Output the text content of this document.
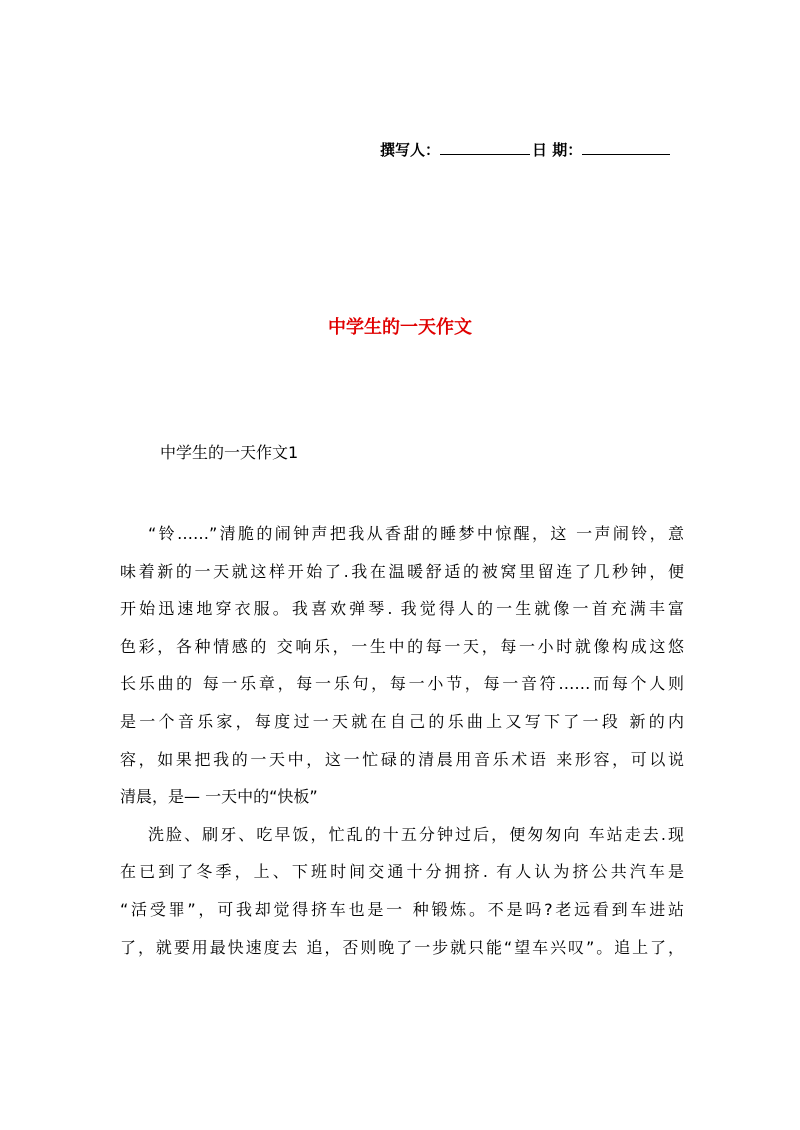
撰写人：	日 期：
中学生的一天作文
中学生的一天作文1
“铃……”清脆的闹钟声把我从香甜的睡梦中惊醒，这 一声闹铃，意
味着新的一天就这样开始了.我在温暖舒适的被窝里留连了几秒钟，便
开始迅速地穿衣服。我喜欢弹琴. 我觉得人的一生就像一首充满丰富
色彩，各种情感的 交响乐，一生中的每一天，每一小时就像构成这悠
长乐曲的 每一乐章，每一乐句，每一小节，每一音符……而每个人则
是一个音乐家，每度过一天就在自己的乐曲上又写下了一段 新的内
容，如果把我的一天中，这一忙碌的清晨用音乐术语 来形容，可以说
清晨，是— 一天中的“快板”
洗脸、刷牙、吃早饭，忙乱的十五分钟过后，便匆匆向 车站走去.现
在已到了冬季，上、下班时间交通十分拥挤. 有人认为挤公共汽车是
“活受罪”，可我却觉得挤车也是一 种锻炼。不是吗?老远看到车进站
了，就要用最快速度去 追，否则晚了一步就只能“望车兴叹”。追上了，
